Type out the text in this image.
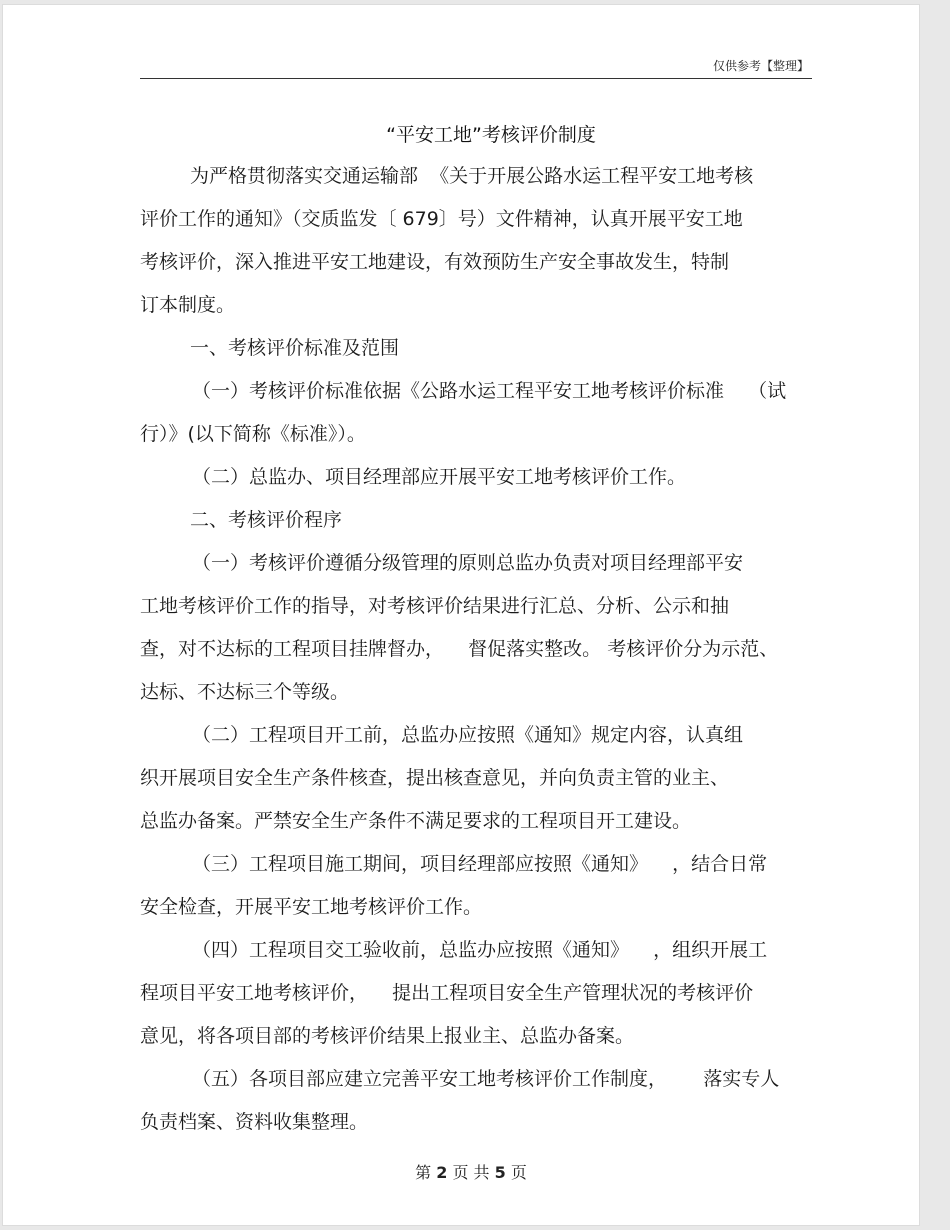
仅供参考【整理】
“平安工地”考核评价制度
为严格贯彻落实交通运输部  《关于开展公路水运工程平安工地考核
评价工作的通知》（交质监发〔 679〕号）文件精神，认真开展平安工地
考核评价，深入推进平安工地建设，有效预防生产安全事故发生，特制
订本制度。
一、考核评价标准及范围
（一）考核评价标准依据《公路水运工程平安工地考核评价标准    （试
行）》(以下简称《标准》）。
（二）总监办、项目经理部应开展平安工地考核评价工作。
二、考核评价程序
（一）考核评价遵循分级管理的原则总监办负责对项目经理部平安
工地考核评价工作的指导，对考核评价结果进行汇总、分析、公示和抽
查，对不达标的工程项目挂牌督办，    督促落实整改。 考核评价分为示范、
达标、不达标三个等级。
（二）工程项目开工前，总监办应按照《通知》规定内容，认真组
织开展项目安全生产条件核查，提出核查意见，并向负责主管的业主、
总监办备案。严禁安全生产条件不满足要求的工程项目开工建设。
（三）工程项目施工期间，项目经理部应按照《通知》    ，结合日常
安全检查，开展平安工地考核评价工作。
（四）工程项目交工验收前，总监办应按照《通知》    ，组织开展工
程项目平安工地考核评价，    提出工程项目安全生产管理状况的考核评价
意见，将各项目部的考核评价结果上报业主、总监办备案。
（五）各项目部应建立完善平安工地考核评价工作制度，      落实专人
负责档案、资料收集整理。
第 2 页 共 5 页
